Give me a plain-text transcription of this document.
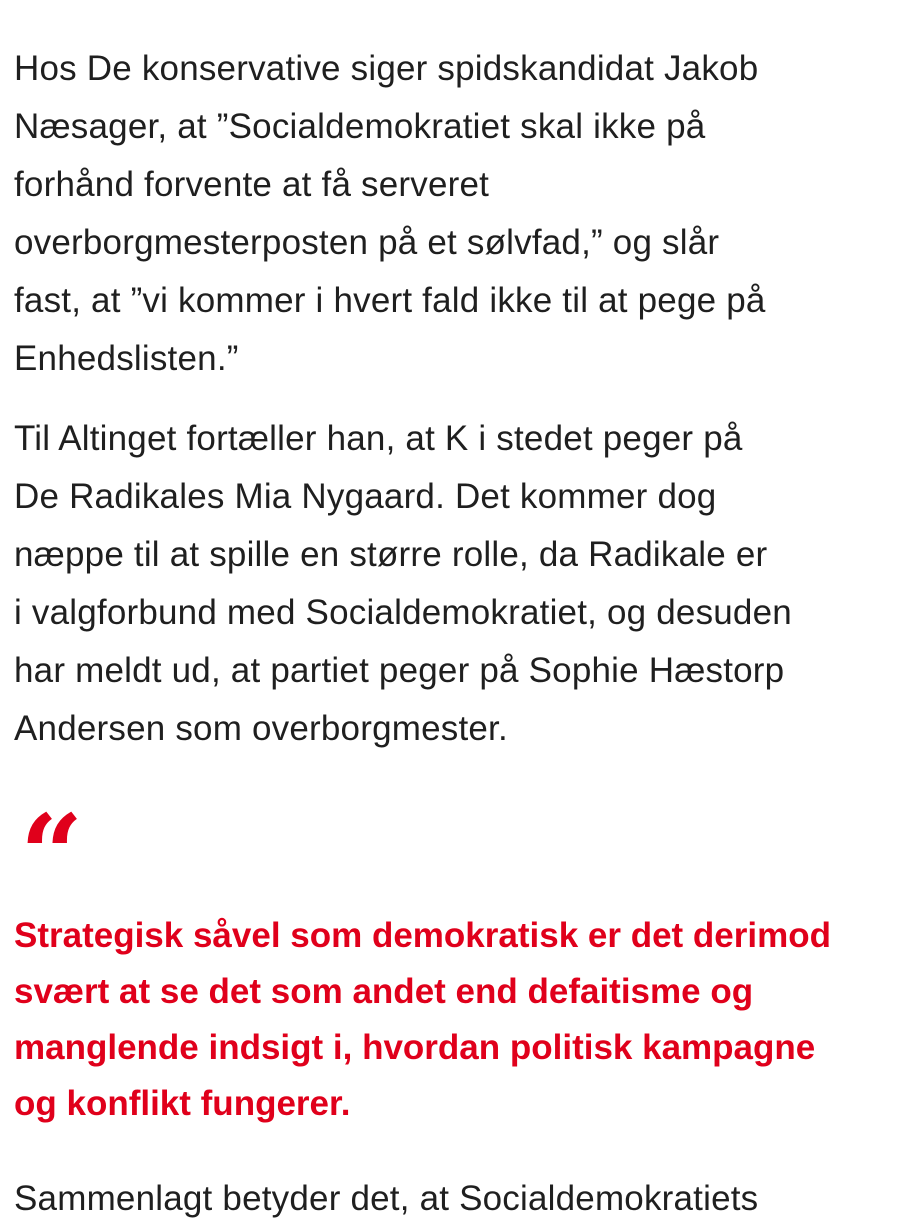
Hos De konservative siger spidskandidat Jakob
Næsager, at ”Socialdemokratiet skal ikke på
forhånd forvente at få serveret
overborgmesterposten på et sølvfad,” og slår
fast, at ”vi kommer i hvert fald ikke til at pege på
Enhedslisten.”

Til Altinget fortæller han, at K i stedet peger på
De Radikales Mia Nygaard. Det kommer dog
næppe til at spille en større rolle, da Radikale er
i valgforbund med Socialdemokratiet, og desuden
har meldt ud, at partiet peger på Sophie Hæstorp
Andersen som overborgmester.

“

Strategisk såvel som demokratisk er det derimod
svært at se det som andet end defaitisme og
manglende indsigt i, hvordan politisk kampagne
og konflikt fungerer.

Sammenlagt betyder det, at Socialdemokratiets
